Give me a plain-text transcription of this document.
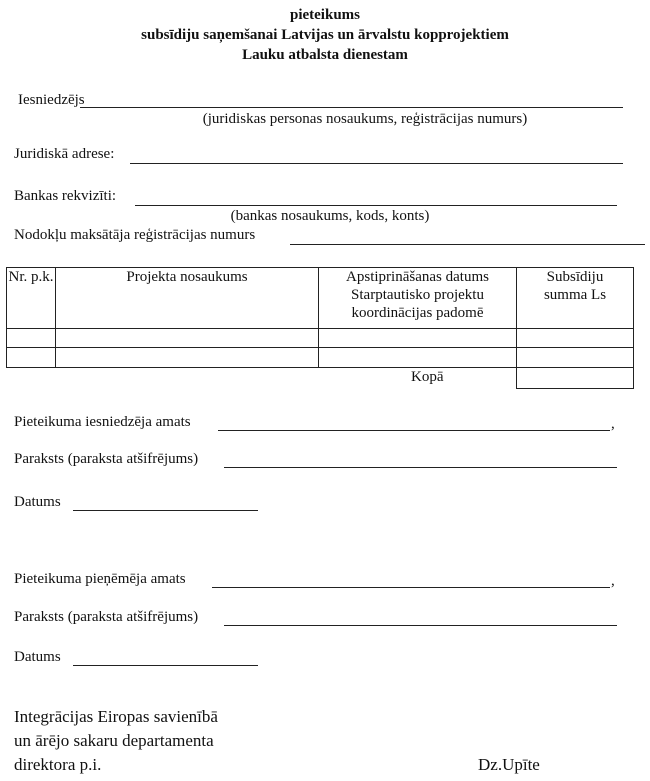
pieteikums
subsīdiju saņemšanai Latvijas un ārvalstu kopprojektiem
Lauku atbalsta dienestam
Iesniedzējs
(juridiskas personas nosaukums, reģistrācijas numurs)
Juridiskā adrese:
Bankas rekvizīti:
(bankas nosaukums, kods, konts)
Nodokļu maksātāja reģistrācijas numurs
Nr. p.k.	Projekta nosaukums	Apstiprināšanas datums Starptautisko projektu koordinācijas padomē	Subsīdiju summa Ls

		Kopā	
Pieteikuma iesniedzēja amats	,
Paraksts (paraksta atšifrējums)
Datums
Pieteikuma pieņēmēja amats	,
Paraksts (paraksta atšifrējums)
Datums
Integrācijas Eiropas savienībā
un ārējo sakaru departamenta
direktora p.i.	Dz.Upīte
